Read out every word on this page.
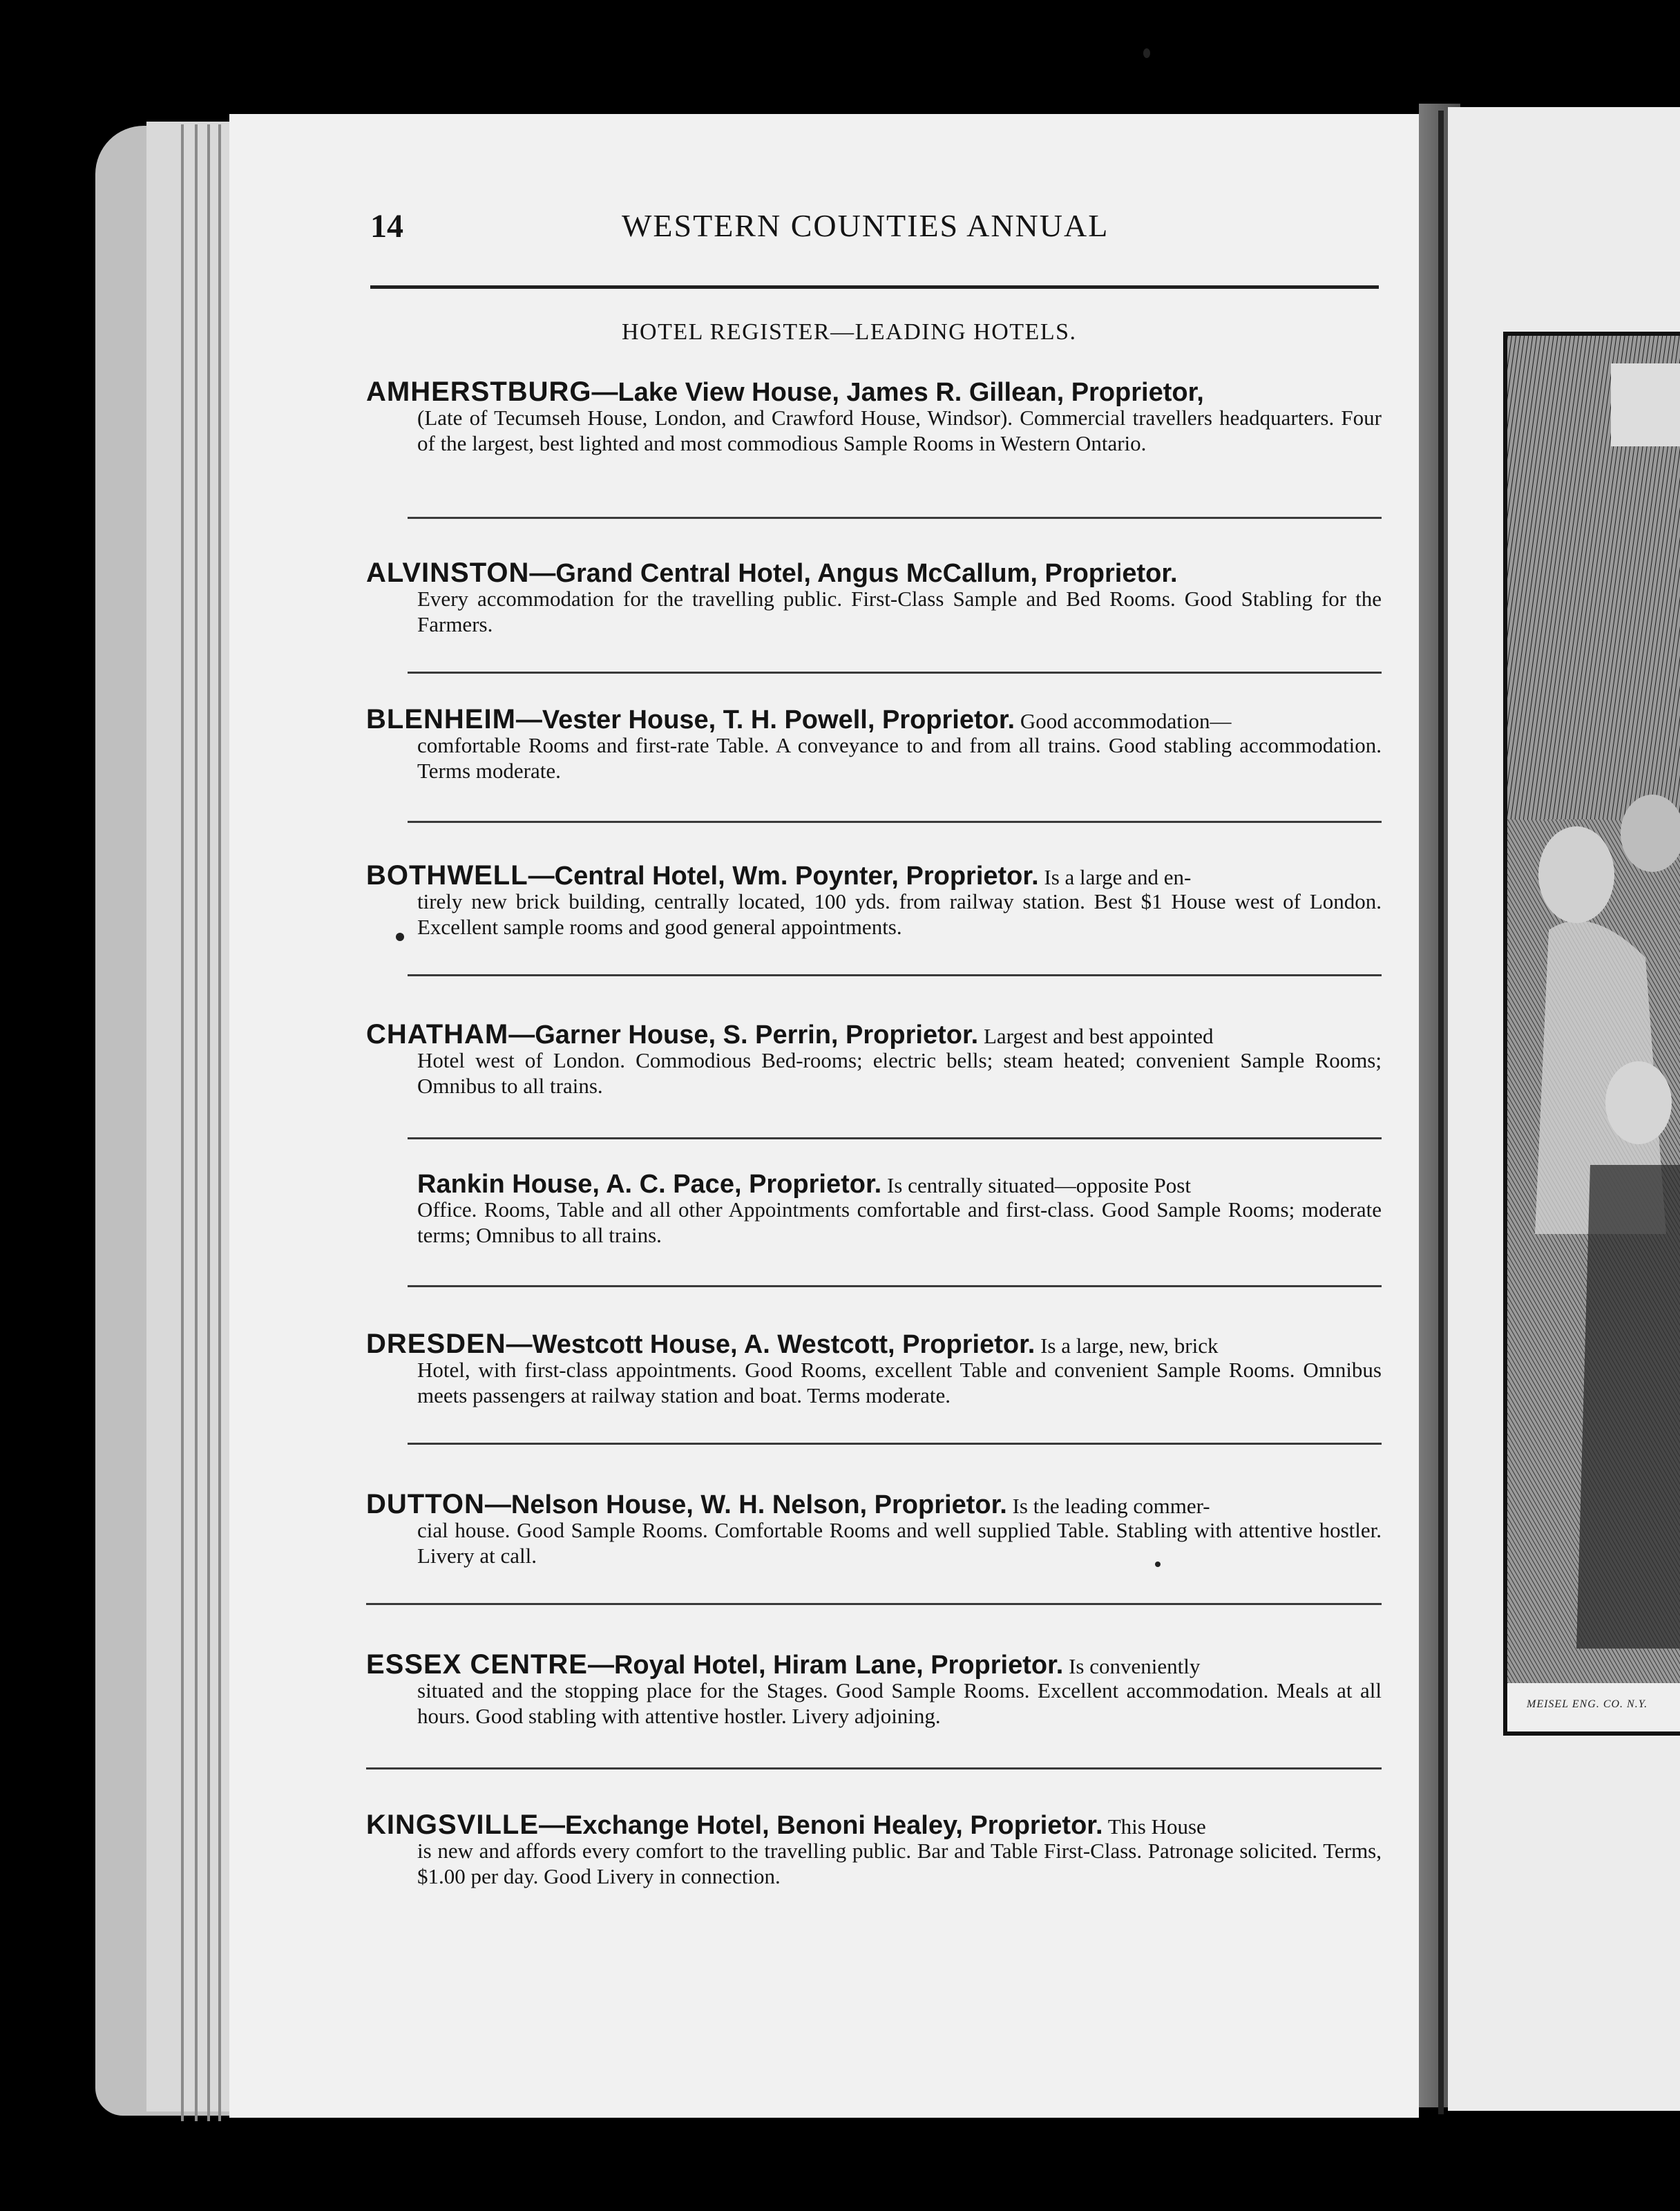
MEISEL ENG. CO. N.Y.
14	WESTERN COUNTIES ANNUAL
HOTEL REGISTER—LEADING HOTELS.
AMHERSTBURG—Lake View House, James R. Gillean, Proprietor,
(Late of Tecumseh House, London, and Crawford House, Windsor). Commercial travellers headquarters. Four of the largest, best lighted and most commodious Sample Rooms in Western Ontario.
ALVINSTON—Grand Central Hotel, Angus McCallum, Proprietor.
Every accommodation for the travelling public. First-Class Sample and Bed Rooms. Good Stabling for the Farmers.
BLENHEIM—Vester House, T. H. Powell, Proprietor. Good accommodation—
comfortable Rooms and first-rate Table. A conveyance to and from all trains. Good stabling accommodation. Terms moderate.
BOTHWELL—Central Hotel, Wm. Poynter, Proprietor. Is a large and en-
tirely new brick building, centrally located, 100 yds. from railway station. Best $1 House west of London. Excellent sample rooms and good general appointments.
CHATHAM—Garner House, S. Perrin, Proprietor. Largest and best appointed
Hotel west of London. Commodious Bed-rooms; electric bells; steam heated; convenient Sample Rooms; Omnibus to all trains.
Rankin House, A. C. Pace, Proprietor. Is centrally situated—opposite Post
Office. Rooms, Table and all other Appointments comfortable and first-class. Good Sample Rooms; moderate terms; Omnibus to all trains.
DRESDEN—Westcott House, A. Westcott, Proprietor. Is a large, new, brick
Hotel, with first-class appointments. Good Rooms, excellent Table and convenient Sample Rooms. Omnibus meets passengers at railway station and boat. Terms moderate.
DUTTON—Nelson House, W. H. Nelson, Proprietor. Is the leading commer-
cial house. Good Sample Rooms. Comfortable Rooms and well supplied Table. Stabling with attentive hostler. Livery at call.
ESSEX CENTRE—Royal Hotel, Hiram Lane, Proprietor. Is conveniently
situated and the stopping place for the Stages. Good Sample Rooms. Excellent accommodation. Meals at all hours. Good stabling with attentive hostler. Livery adjoining.
KINGSVILLE—Exchange Hotel, Benoni Healey, Proprietor. This House
is new and affords every comfort to the travelling public. Bar and Table First-Class. Patronage solicited. Terms, $1.00 per day. Good Livery in connection.
